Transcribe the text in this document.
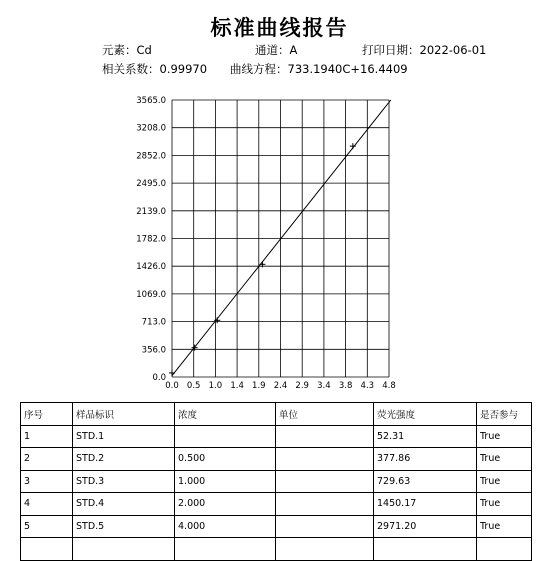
标准曲线报告
元素：Cd	通道：A	打印日期：2022-06-01
相关系数：0.99970 曲线方程：733.1940C+16.4409
0.0 0.5 1.0 1.4 1.9 2.4 2.9 3.4 3.8 4.3 4.8
0.0
356.0
713.0
1069.0
1426.0
1782.0
2139.0
2495.0
2852.0
3208.0
3565.0
序号	样品标识	浓度	单位	荧光强度	是否参与
1	STD.1			52.31	True
2	STD.2	0.500		377.86	True
3	STD.3	1.000		729.63	True
4	STD.4	2.000		1450.17	True
5	STD.5	4.000		2971.20	True
